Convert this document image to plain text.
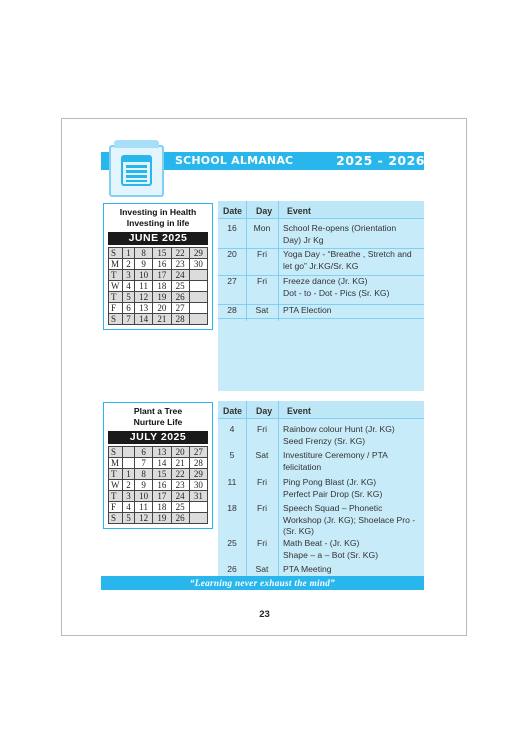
SCHOOL ALMANAC	2025 - 2026
Investing in Health
Investing in life
JUNE 2025
S	1	8	15	22	29
M	2	9	16	23	30
T	3	10	17	24	
W	4	11	18	25	
T	5	12	19	26	
F	6	13	20	27	
S	7	14	21	28	
Plant a Tree
Nurture Life
JULY 2025
S		6	13	20	27
M		7	14	21	28
T	1	8	15	22	29
W	2	9	16	23	30
T	3	10	17	24	31
F	4	11	18	25	
S	5	12	19	26	
Date Day Event
16	Mon	School Re-opens (Orientation
Day) Jr Kg
20	Fri	Yoga Day - “Breathe , Stretch and
let go” Jr.KG/Sr. KG
27	Fri	Freeze dance (Jr. KG)
Dot - to - Dot - Pics (Sr. KG)
28	Sat	PTA Election
Date Day Event
4	Fri	Rainbow colour Hunt (Jr. KG)
Seed Frenzy (Sr. KG)
5	Sat	Investiture Ceremony / PTA
felicitation
11	Fri	Ping Pong Blast (Jr. KG)
Perfect Pair Drop (Sr. KG)
18	Fri	Speech Squad – Phonetic
Workshop (Jr. KG); Shoelace Pro -
(Sr. KG)
25	Fri	Math Beat - (Jr. KG)
Shape – a – Bot (Sr. KG)
26	Sat	PTA Meeting
“Learning never exhaust the mind”
23
